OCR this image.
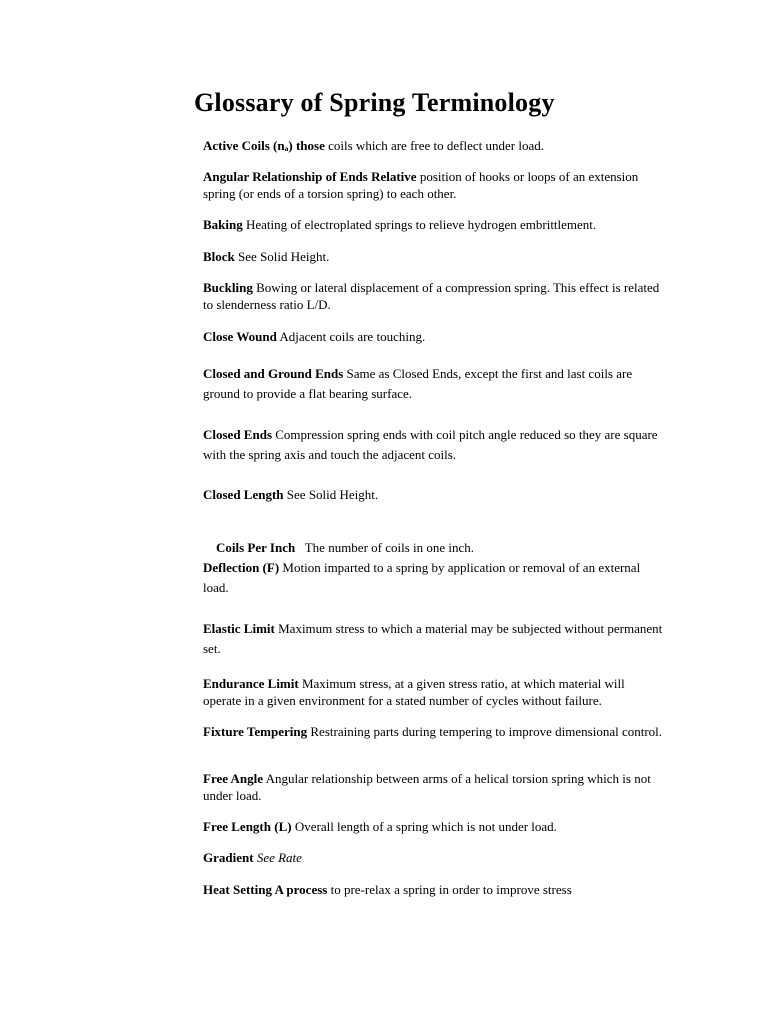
Glossary of Spring Terminology
Active Coils (nₐ) those coils which are free to deflect under load.
Angular Relationship of Ends Relative position of hooks or loops of an extension spring (or ends of a torsion spring) to each other.
Baking Heating of electroplated springs to relieve hydrogen embrittlement.
Block See Solid Height.
Buckling Bowing or lateral displacement of a compression spring. This effect is related to slenderness ratio L/D.
Close Wound Adjacent coils are touching.
Closed and Ground Ends Same as Closed Ends, except the first and last coils are ground to provide a flat bearing surface.
Closed Ends Compression spring ends with coil pitch angle reduced so they are square with the spring axis and touch the adjacent coils.
Closed Length See Solid Height.

Coils Per Inch   The number of coils in one inch.

Deflection (F) Motion imparted to a spring by application or removal of an external load.
Elastic Limit Maximum stress to which a material may be subjected without permanent set.
Endurance Limit Maximum stress, at a given stress ratio, at which material will operate in a given environment for a stated number of cycles without failure.
Fixture Tempering Restraining parts during tempering to improve dimensional control.
Free Angle Angular relationship between arms of a helical torsion spring which is not under load.
Free Length (L) Overall length of a spring which is not under load.
Gradient See Rate
Heat Setting A process to pre-relax a spring in order to improve stress
